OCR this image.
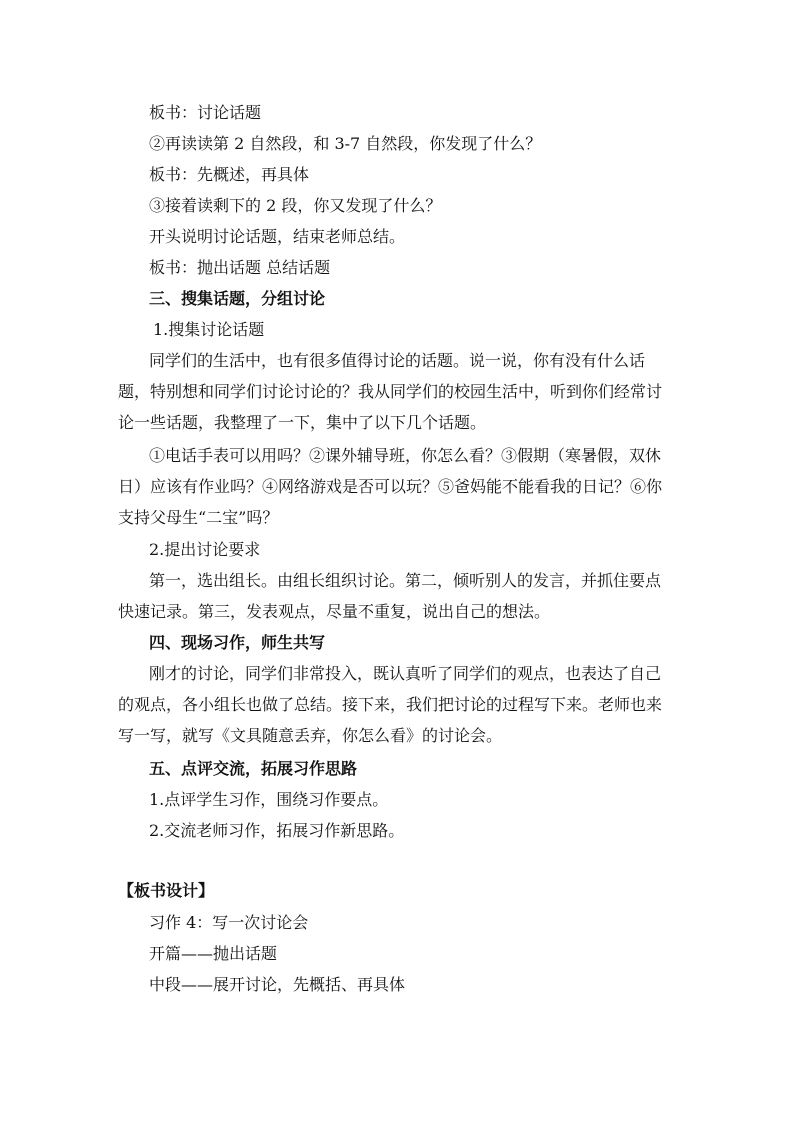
板书：讨论话题
②再读读第 2 自然段，和 3-7 自然段，你发现了什么？
板书：先概述，再具体
③接着读剩下的 2 段，你又发现了什么？
开头说明讨论话题，结束老师总结。
板书：抛出话题 总结话题
三、搜集话题，分组讨论
1.搜集讨论话题
同学们的生活中，也有很多值得讨论的话题。说一说，你有没有什么话
题，特别想和同学们讨论讨论的？我从同学们的校园生活中，听到你们经常讨
论一些话题，我整理了一下，集中了以下几个话题。
①电话手表可以用吗？②课外辅导班，你怎么看？③假期（寒暑假，双休
日）应该有作业吗？④网络游戏是否可以玩？⑤爸妈能不能看我的日记？⑥你
支持父母生“二宝”吗？
2.提出讨论要求
第一，选出组长。由组长组织讨论。第二，倾听别人的发言，并抓住要点
快速记录。第三，发表观点，尽量不重复，说出自己的想法。
四、现场习作，师生共写
刚才的讨论，同学们非常投入，既认真听了同学们的观点，也表达了自己
的观点，各小组长也做了总结。接下来，我们把讨论的过程写下来。老师也来
写一写，就写《文具随意丢弃，你怎么看》的讨论会。
五、点评交流，拓展习作思路
1.点评学生习作，围绕习作要点。
2.交流老师习作，拓展习作新思路。
【板书设计】
习作 4：写一次讨论会
开篇——抛出话题
中段——展开讨论，先概括、再具体
